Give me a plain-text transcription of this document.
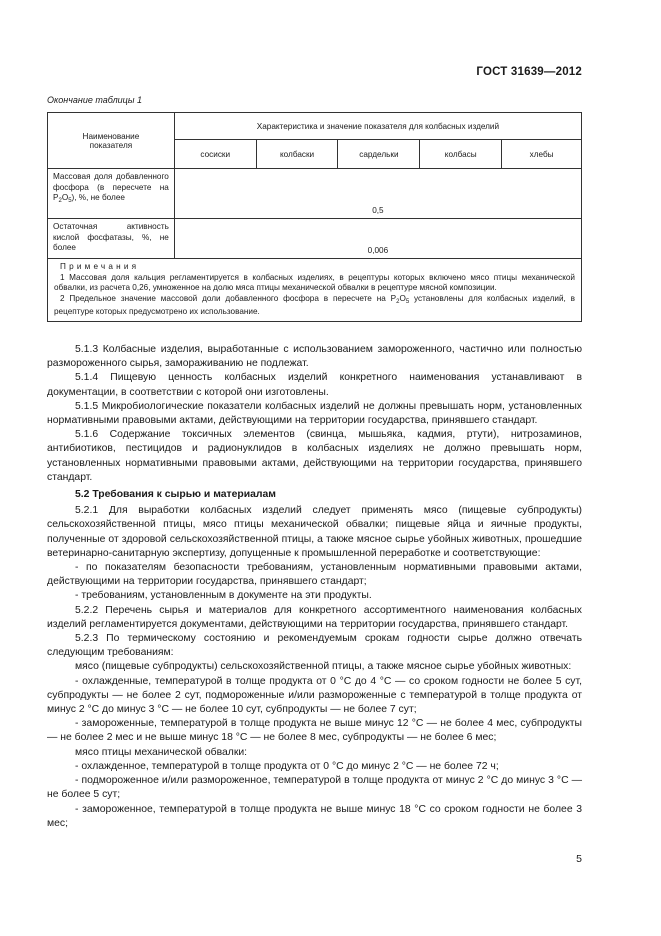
ГОСТ 31639—2012
Окончание таблицы 1
Наименование показателя	Характеристика и значение показателя для колбасных изделий				
	сосиски	колбаски	сардельки	колбасы	хлебы
Массовая доля добавленного фосфора (в пересчете на $P_2O_5$), %, не более	0,5				
Остаточная активность кислой фосфатазы, %, не более	0,006				

Примечания
1 Массовая доля кальция регламентируется в колбасных изделиях, в рецептуры которых включено мясо птицы механической обвалки, из расчета 0,26, умноженное на долю мяса птицы механической обвалки в рецептуре мясной композиции.
2 Предельное значение массовой доли добавленного фосфора в пересчете на $P_2O_5$ установлены для колбасных изделий, в рецептуре которых предусмотрено их использование.					

5.1.3 Колбасные изделия, выработанные с использованием замороженного, частично или полностью размороженного сырья, замораживанию не подлежат.

5.1.4 Пищевую ценность колбасных изделий конкретного наименования устанавливают в документации, в соответствии с которой они изготовлены.

5.1.5 Микробиологические показатели колбасных изделий не должны превышать норм, установленных нормативными правовыми актами, действующими на территории государства, принявшего стандарт.

5.1.6 Содержание токсичных элементов (свинца, мышьяка, кадмия, ртути), нитрозаминов, антибиотиков, пестицидов и радионуклидов в колбасных изделиях не должно превышать норм, установленных нормативными правовыми актами, действующими на территории государства, принявшего стандарт.

5.2 Требования к сырью и материалам

5.2.1 Для выработки колбасных изделий следует применять мясо (пищевые субпродукты) сельскохозяйственной птицы, мясо птицы механической обвалки; пищевые яйца и яичные продукты, полученные от здоровой сельскохозяйственной птицы, а также мясное сырье убойных животных, прошедшие ветеринарно-санитарную экспертизу, допущенные к промышленной переработке и соответствующие:

- по показателям безопасности требованиям, установленным нормативными правовыми актами, действующими на территории государства, принявшего стандарт;

- требованиям, установленным в документе на эти продукты.

5.2.2 Перечень сырья и материалов для конкретного ассортиментного наименования колбасных изделий регламентируется документами, действующими на территории государства, принявшего стандарт.

5.2.3 По термическому состоянию и рекомендуемым срокам годности сырье должно отвечать следующим требованиям:

мясо (пищевые субпродукты) сельскохозяйственной птицы, а также мясное сырье убойных животных:

- охлажденные, температурой в толще продукта от 0 °С до 4 °С — со сроком годности не более 5 сут, субпродукты — не более 2 сут, подмороженные и/или размороженные с температурой в толще продукта от минус 2 °С до минус 3 °С — не более 10 сут, субпродукты — не более 7 сут;

- замороженные, температурой в толще продукта не выше минус 12 °С — не более 4 мес, субпродукты — не более 2 мес и не выше минус 18 °С — не более 8 мес, субпродукты — не более 6 мес;

мясо птицы механической обвалки:

- охлажденное, температурой в толще продукта от 0 °С до минус 2 °С — не более 72 ч;

- подмороженное и/или размороженное, температурой в толще продукта от минус 2 °С до минус 3 °С — не более 5 сут;

- замороженное, температурой в толще продукта не выше минус 18 °С со сроком годности не более 3 мес;

5
